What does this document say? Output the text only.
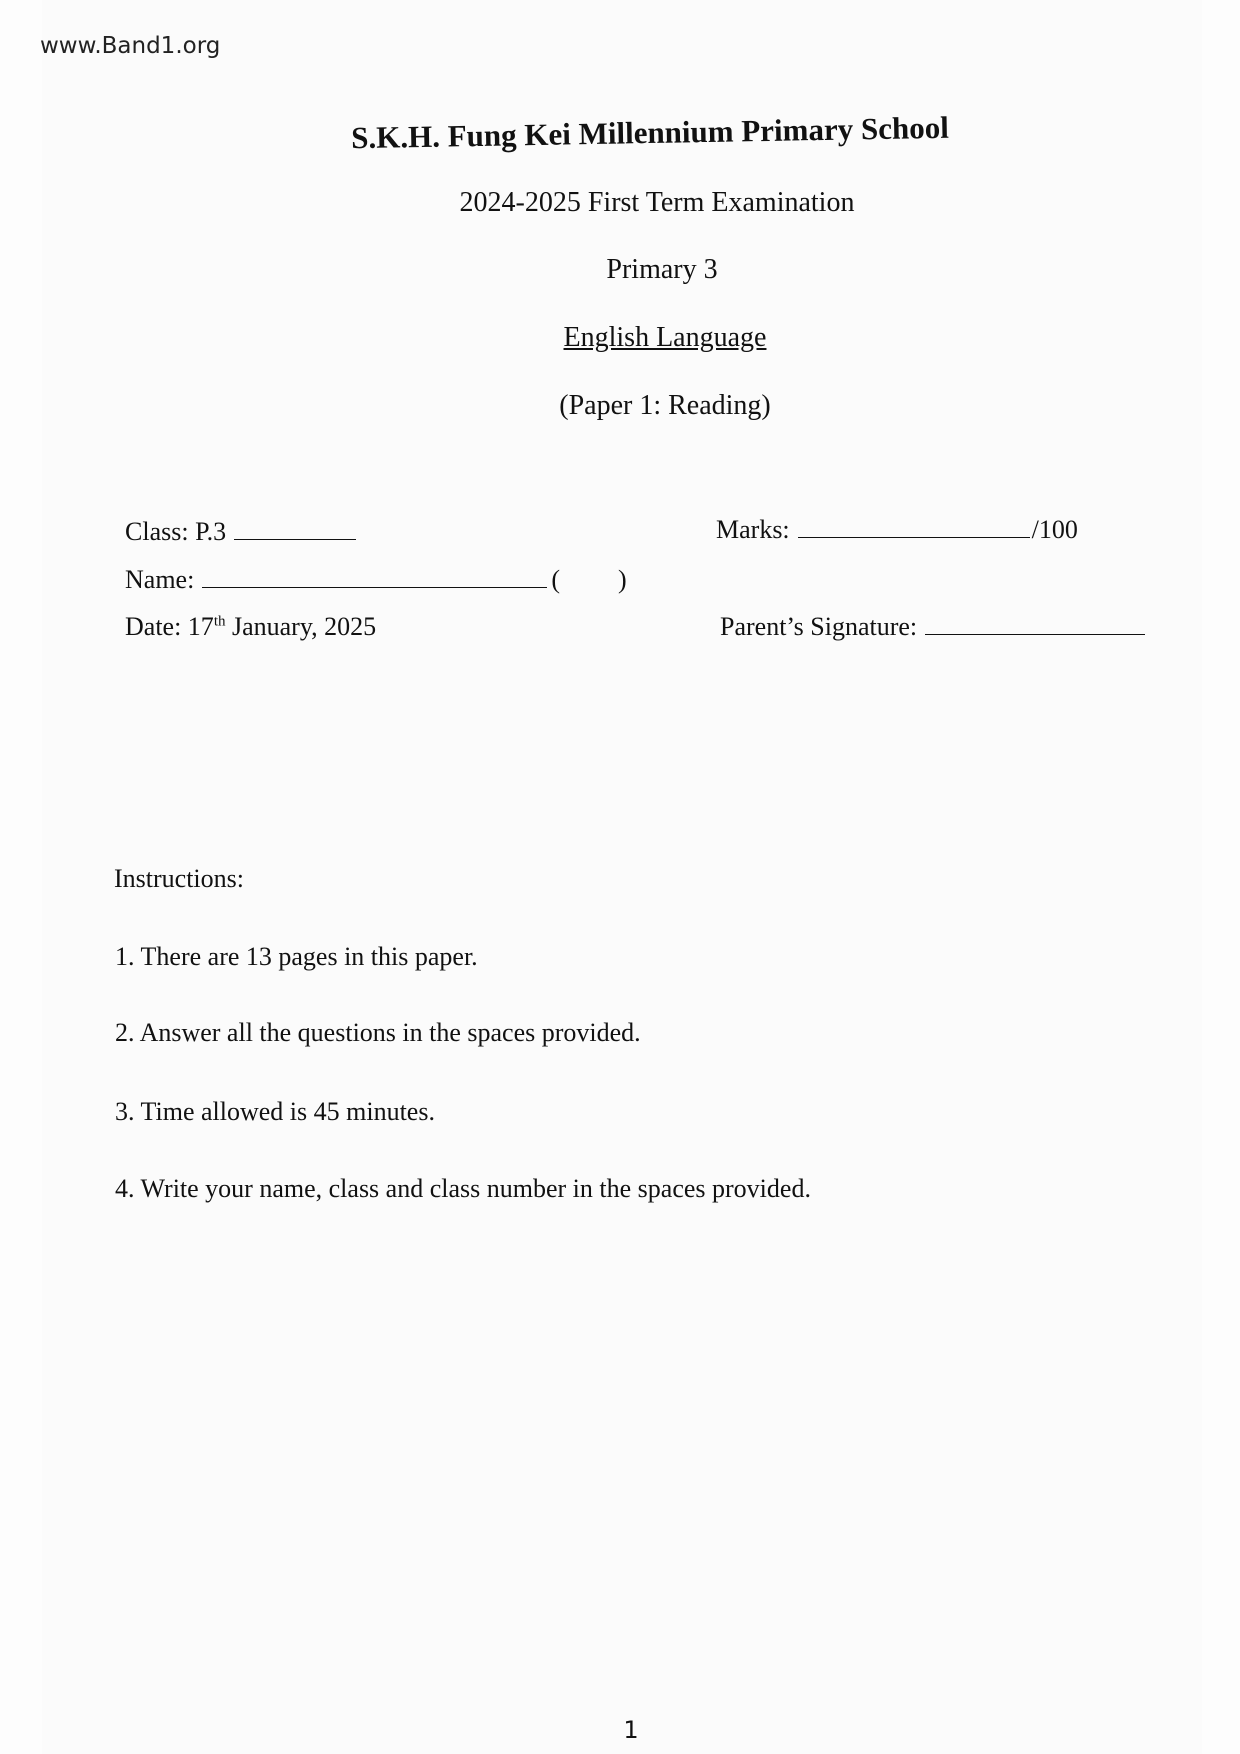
www.Band1.org
S.K.H. Fung Kei Millennium Primary School
2024-2025 First Term Examination
Primary 3
English Language
(Paper 1: Reading)
Class: P.3	Marks:	/100
Name:	( )
Date: 17th January, 2025	Parent’s Signature:
Instructions:
1. There are 13 pages in this paper.
2. Answer all the questions in the spaces provided.
3. Time allowed is 45 minutes.
4. Write your name, class and class number in the spaces provided.
1
